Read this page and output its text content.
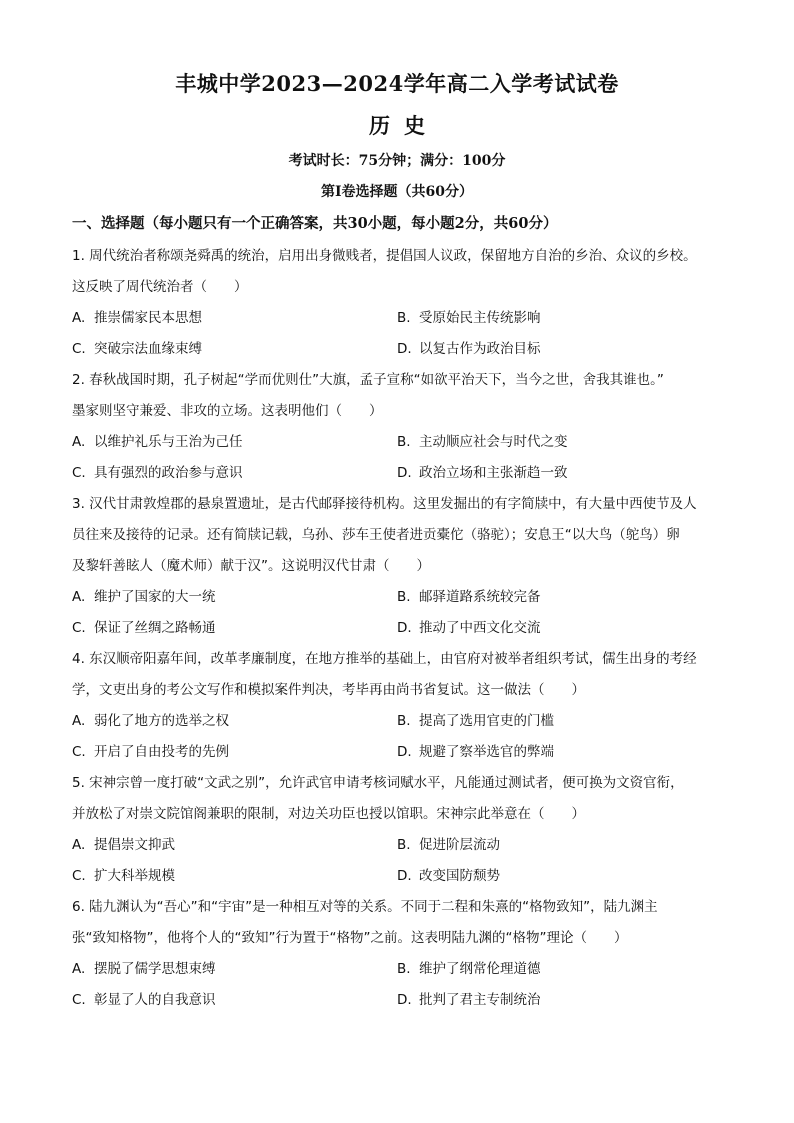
丰城中学2023—2024学年高二入学考试试卷
历史
考试时长：75分钟；满分：100分
第Ⅰ卷选择题（共60分）
一、选择题（每小题只有一个正确答案，共30小题，每小题2分，共60分）
1. 周代统治者称颂尧舜禹的统治，启用出身微贱者，提倡国人议政，保留地方自治的乡治、众议的乡校。
这反映了周代统治者（　　）
A. 推崇儒家民本思想	B. 受原始民主传统影响
C. 突破宗法血缘束缚	D. 以复古作为政治目标
2. 春秋战国时期，孔子树起“学而优则仕”大旗，孟子宣称“如欲平治天下，当今之世，舍我其谁也。”
墨家则坚守兼爱、非攻的立场。这表明他们（　　）
A. 以维护礼乐与王治为己任	B. 主动顺应社会与时代之变
C. 具有强烈的政治参与意识	D. 政治立场和主张渐趋一致
3. 汉代甘肃敦煌郡的悬泉置遗址，是古代邮驿接待机构。这里发掘出的有字简牍中，有大量中西使节及人
员往来及接待的记录。还有简牍记载，乌孙、莎车王使者进贡橐佗（骆驼）；安息王“以大鸟（鸵鸟）卵
及黎轩善眩人（魔术师）献于汉”。这说明汉代甘肃（　　）
A. 维护了国家的大一统	B. 邮驿道路系统较完备
C. 保证了丝绸之路畅通	D. 推动了中西文化交流
4. 东汉顺帝阳嘉年间，改革孝廉制度，在地方推举的基础上，由官府对被举者组织考试，儒生出身的考经
学，文吏出身的考公文写作和模拟案件判决，考毕再由尚书省复试。这一做法（　　）
A. 弱化了地方的选举之权	B. 提高了选用官吏的门槛
C. 开启了自由投考的先例	D. 规避了察举选官的弊端
5. 宋神宗曾一度打破“文武之别”，允许武官申请考核词赋水平，凡能通过测试者，便可换为文资官衔，
并放松了对崇文院馆阁兼职的限制，对边关功臣也授以馆职。宋神宗此举意在（　　）
A. 提倡崇文抑武	B. 促进阶层流动
C. 扩大科举规模	D. 改变国防颓势
6. 陆九渊认为“吾心”和“宇宙”是一种相互对等的关系。不同于二程和朱熹的“格物致知”，陆九渊主
张“致知格物”，他将个人的“致知”行为置于“格物”之前。这表明陆九渊的“格物”理论（　　）
A. 摆脱了儒学思想束缚	B. 维护了纲常伦理道德
C. 彰显了人的自我意识	D. 批判了君主专制统治
